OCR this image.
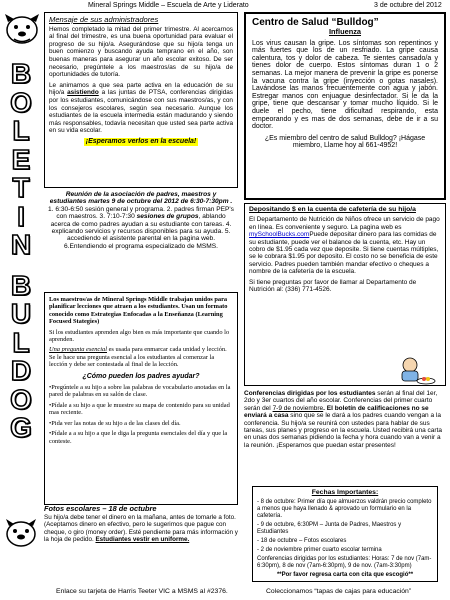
Mineral Springs Middle – Escuela de Arte y Liderato	3 de octubre del 2012
B
O
L
E
T
I
N
B
U
L
D
O
G
Mensaje de sus administradores

Hemos completado la mitad del primer trimestre. Al acercarnos al final del trimestre, es una buena oportunidad para evaluar el progreso de su hijo/a. Asegurándose que su hijo/a tenga un buen comienzo y buscando ayuda temprano en el año, son buenas maneras para asegurar un año escolar exitoso. De ser necesario, pregúntele a los maestros/as de su hijo/a de oportunidades de tutoría.

Le animamos a que sea parte activa en la educación de su hijo/a asistiendo a las juntas de PTSA, conferencias dirigidas por los estudiantes, comunicándose con sus maestros/as, y con los consejeros escolares, según sea necesario. Aunque los estudiantes de la escuela intermedia están madurando y siendo más responsables, todavía necesitan que usted sea parte activa en su vida escolar.

¡Esperamos verlos en la escuela!
Reunión de la asociación de padres, maestros y estudiantes martes 9 de octubre del 2012 de 6:30-7:30pm . 1. 6:30-6:50 sesión general y programa. 2. padres firman PEP's con maestros. 3. 7:10-7:30 sesiones de grupos, ablando acerca de como padres ayudan a su estudiante con tareas. 4. explicando servicios y recursos disponibles para su ayuda. 5. accediendo el asistente parental en la pagina web. 6.Entendiendo el programa especializado de MSMS.

Los maestros/as de Mineral Springs Middle trabajan unidos para planificar lecciones que atraen a los estudiantes. Usan un formato conocido como Estrategias Enfocadas a la Enseñanza (Learning Focused Stategies)

Si los estudiantes aprenden algo bien es más importante que cuando lo aprenden.

Una pregunta esencial es usada para enmarcar cada unidad y lección. Se le hace una pregunta esencial a los estudiantes al comenzar la lección y debe ser contestada al final de la lección.

¿Cómo pueden los padres ayudar?

•Pregúntele a su hijo a sobre las palabras de vocabulario anotadas en la pared de palabras en su salón de clase.

•Pídale a su hijo a que le muestre su mapa de contenido para su unidad mas reciente.

•Pida ver las notas de su hijo a de las clases del día.

•Pídale a a su hijo a que le diga la pregunta esenciales del día y que la conteste.

Fotos escolares – 18 de octubre
Su hijo/a debe tener el dinero en la mañana, antes de tomarle a foto. (Aceptamos dinero en efectivo, pero le sugerimos que pague con cheque, o giro (money order). Esté pendiente para más información y la hoja de pedido. Estudiantes vestir en uniforme.
Centro de Salud “Bulldog”
Influenza

Los virus causan la gripe. Los síntomas son repentinos y más fuertes que los de un resfriado. La gripe causa calentura, tos y dolor de cabeza. Te sientes cansado/a y tienes dolor de cuerpo. Estos síntomas duran 1 o 2 semanas. La mejor manera de prevenir la gripe es ponerse la vacuna contra la gripe (inyección o gotas nasales). Lavándose las manos frecuentemente con agua y jabón. Estregar manos con enjuague desinfectador. Si le da la gripe, tiene que descansar y tomar mucho líquido. Si le duele el pecho, tiene dificultad respirando, esta empeorando y es mas de dos semanas, debe de ir a su doctor.

¿Es miembro del centro de salud Bulldog? ¡Hágase miembro, Llame hoy al 661-4952!

Depositando $ en la cuenta de cafetería de su hijo/a

El Departamento de Nutrición de Niños ofrece un servicio de pago en línea. Es conveniente y seguro. La pagina web es mySchoolBucks.comPuede depositar dinero para las comidas de su estudiante, puede ver el balance de la cuenta, etc. Hay un cobro de $1.95 cada vez que deposite. Si tiene cuentas múltiples, se le cobrara $1.95 por deposito. El costo no se beneficia de este servicio. Padres pueden también mandar efectivo o cheques a nombre de la cafetería de la escuela.

Si tiene preguntas por favor de llamar al Departamento de Nutrición al: (336) 771-4526.

Conferencias dirigidas por los estudiantes serán al final del 1er, 2do y 3er cuartos del año escolar. Conferencias del primer cuarto serán del 7-9 de noviembre. El boletín de calificaciones no se enviará a casa sino que se le dará a los padres cuando vengan a la conferencia. Su hijo/a se reunirá con ustedes para hablar de sus tareas, sus planes y progreso en la escuela. Usted recibirá una carta en unas dos semanas pidiendo la fecha y hora cuando van a venir a la reunión. ¡Esperamos que puedan estar presentes!
Fechas Importantes:

- 8 de octubre: Primer día que almuerzos valdrán precio completo a menos que haya llenado & aprovado un formulario en la cafetería.

- 9 de octubre, 6:30PM – Junta de Padres, Maestros y Estudiantes

- 18 de octubre – Fotos escolares

- 2 de noviembre primer cuarto escolar termina

Conferencias dirigidas por los estudiantes: Horas: 7 de nov (7am-6:30pm), 8 de nov (7am-6:30pm), 9 de nov. (7am-3:30pm)

**Por favor regresa carta con cita que escogió**

Enlace su tarjeta de Harris Teeter VIC a MSMS al #2376.	Coleccionamos “tapas de cajas para educación”
